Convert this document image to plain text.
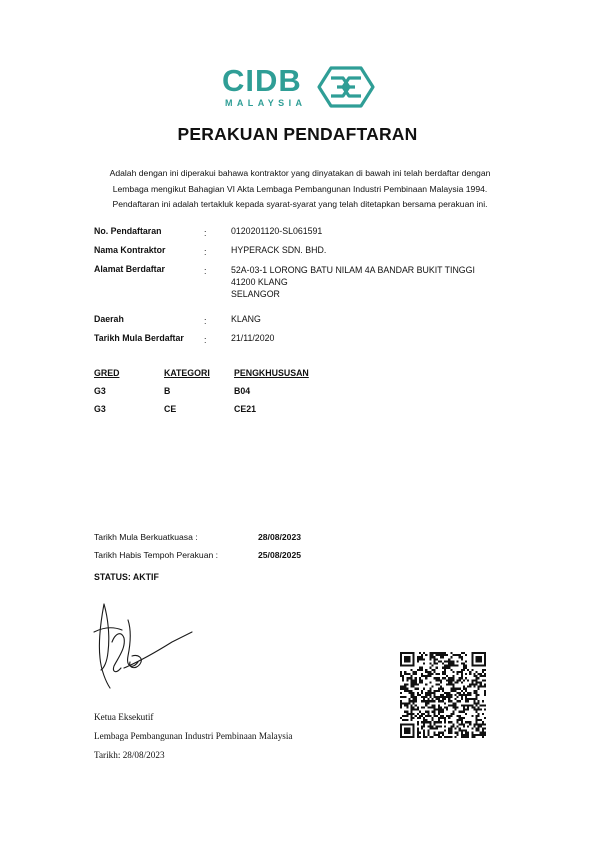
CIDB
MALAYSIA
PERAKUAN PENDAFTARAN

Adalah dengan ini diperakui bahawa kontraktor yang dinyatakan di bawah ini telah berdaftar dengan

Lembaga mengikut Bahagian VI Akta Lembaga Pembangunan Industri Pembinaan Malaysia 1994.

Pendaftaran ini adalah tertakluk kepada syarat-syarat yang telah ditetapkan bersama perakuan ini.

No. Pendaftaran	:	0120201120-SL061591
Nama Kontraktor	:	HYPERACK SDN. BHD.
Alamat Berdaftar	:	52A-03-1 LORONG BATU NILAM 4A BANDAR BUKIT TINGGI
41200 KLANG
SELANGOR
Daerah	:	KLANG
Tarikh Mula Berdaftar :	21/11/2020
GRED	KATEGORI	PENGKHUSUSAN
G3	B	B04
G3	CE	CE21
Tarikh Mula Berkuatkuasa :	28/08/2023
Tarikh Habis Tempoh Perakuan :	25/08/2025
STATUS: AKTIF
Ketua Eksekutif
Lembaga Pembangunan Industri Pembinaan Malaysia
Tarikh: 28/08/2023
